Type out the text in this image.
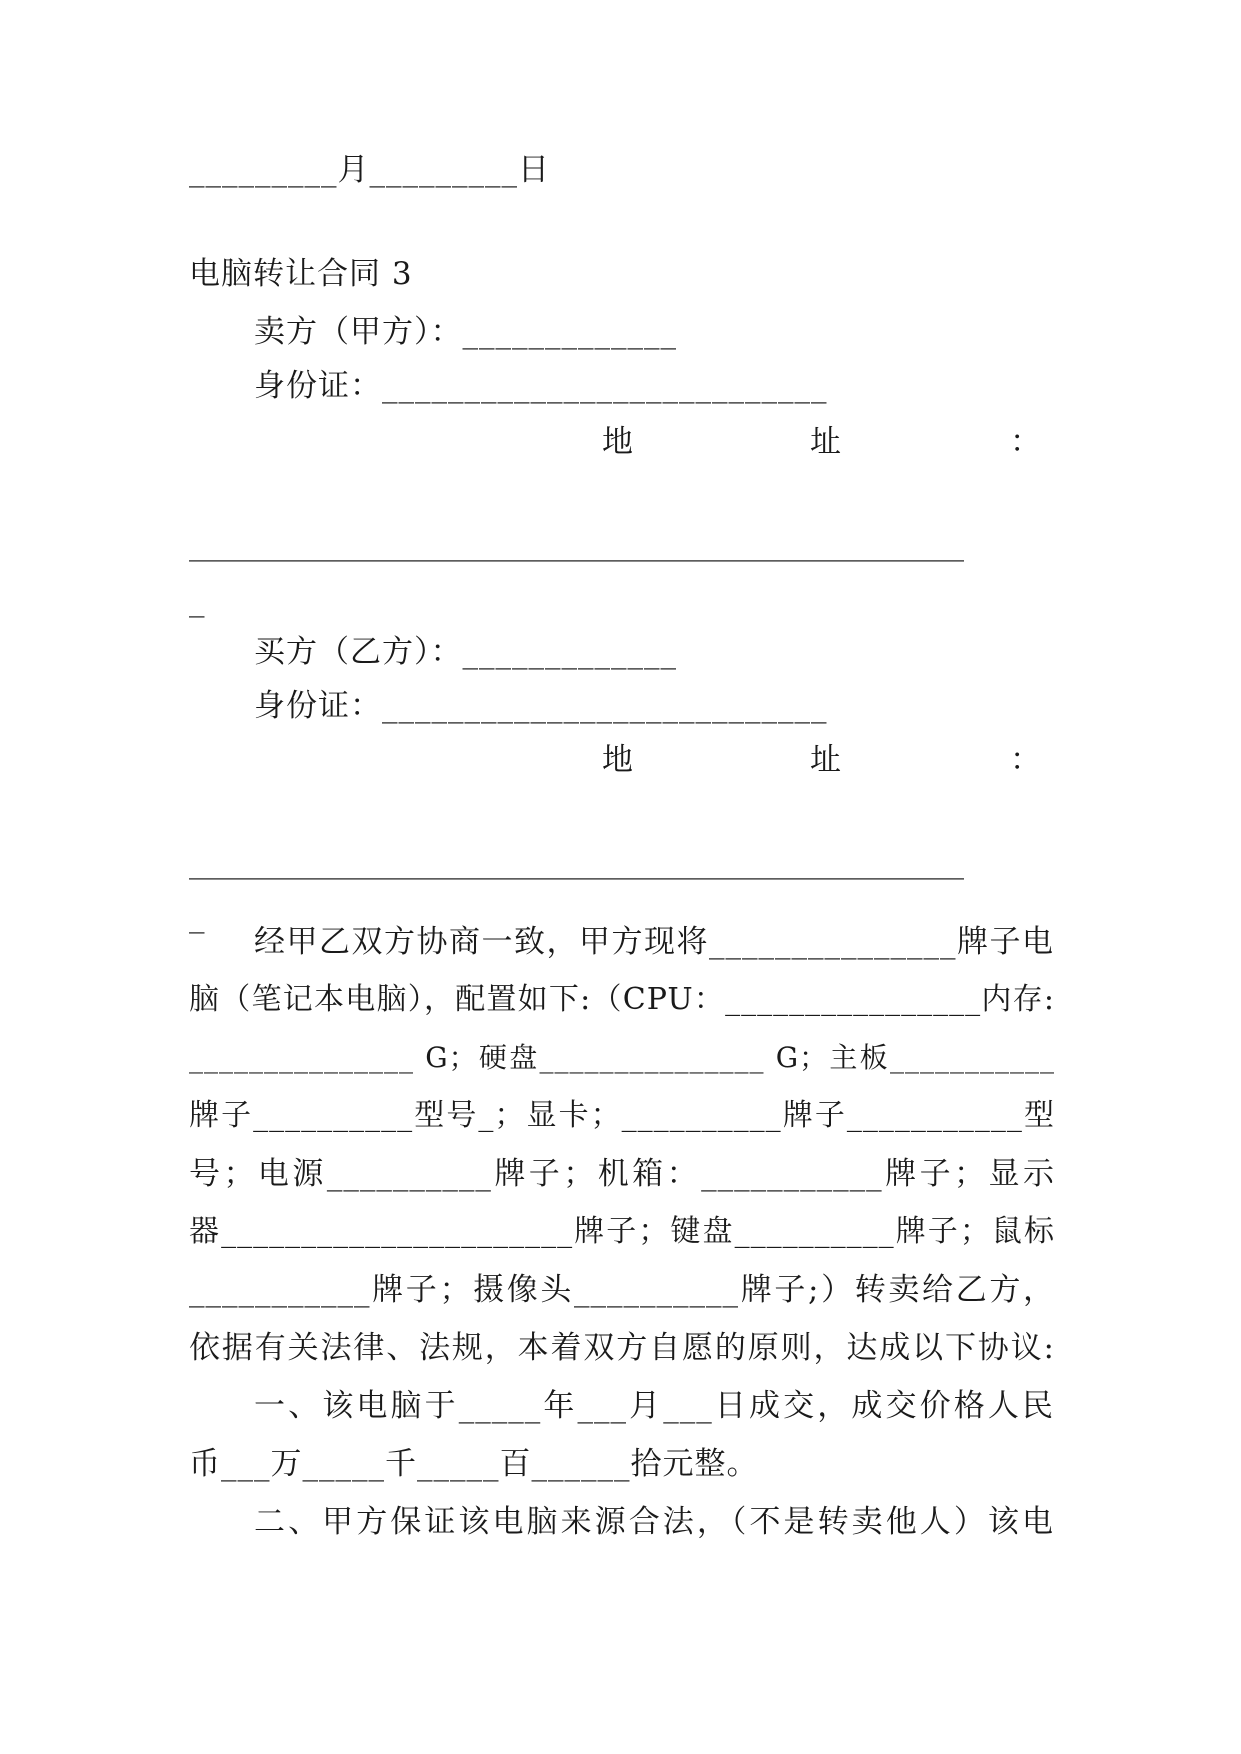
_________月_________日
电脑转让合同 3
卖方（甲方）：_____________
身份证：___________________________
地	址	：
__________________________________________________
_
买方（乙方）：_____________
身份证：___________________________
地	址	：
__________________________________________________
_
经甲乙双方协商一致，甲方现将_______________牌子电
脑（笔记本电脑），配置如下:（CPU：________________内存:
_______________ G；硬盘_______________ G；主板___________
牌子__________型号_；显卡；__________牌子___________型
号；电源__________牌子；机箱：___________牌子；显示
器______________________牌子；键盘__________牌子；鼠标
___________牌子；摄像头__________牌子;）转卖给乙方，
依据有关法律、法规，本着双方自愿的原则，达成以下协议:
一、该电脑于_____年___月___日成交，成交价格人民
币___万_____千_____百______拾元整。
二、甲方保证该电脑来源合法，（不是转卖他人）该电
